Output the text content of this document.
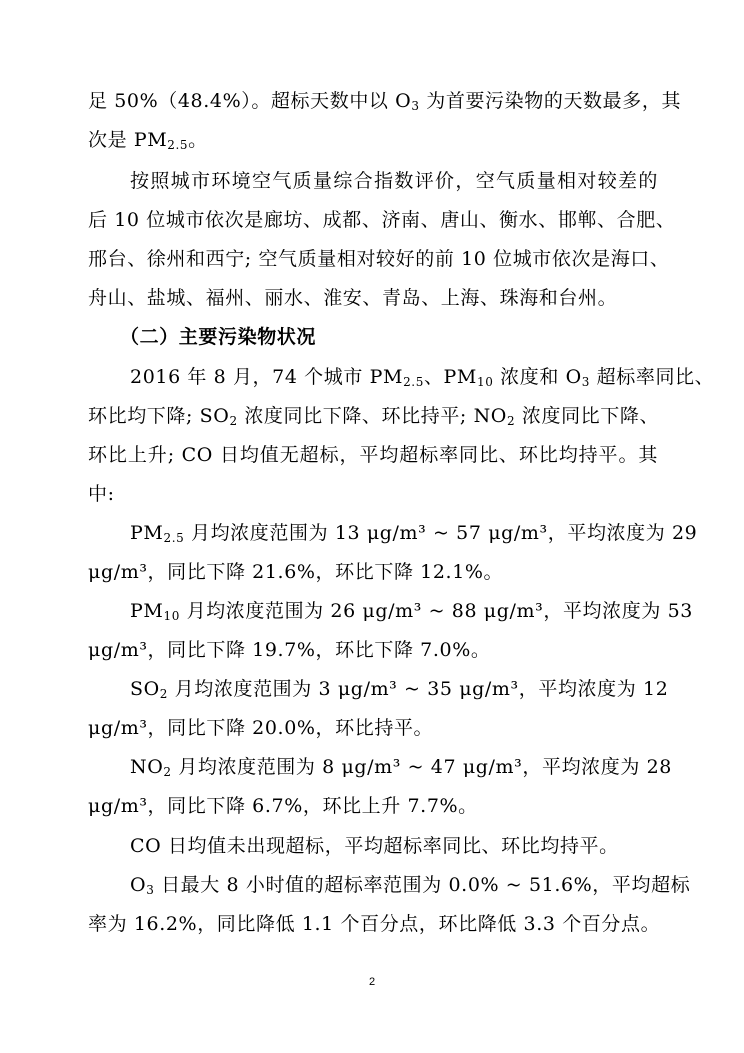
足 50%（48.4%）。超标天数中以 $O_3$ 为首要污染物的天数最多，其
次是 $PM_{2.5}$。
按照城市环境空气质量综合指数评价，空气质量相对较差的
后 10 位城市依次是廊坊、成都、济南、唐山、衡水、邯郸、合肥、
邢台、徐州和西宁; 空气质量相对较好的前 10 位城市依次是海口、
舟山、盐城、福州、丽水、淮安、青岛、上海、珠海和台州。
（二）主要污染物状况
2016 年 8 月，74 个城市 $PM_{2.5}$、$PM_{10}$ 浓度和 $O_3$ 超标率同比、
环比均下降; $SO_2$ 浓度同比下降、环比持平; $NO_2$ 浓度同比下降、
环比上升; CO 日均值无超标，平均超标率同比、环比均持平。其
中:
$PM_{2.5}$ 月均浓度范围为 13 μg/m³ ~ 57 μg/m³，平均浓度为 29
μg/m³，同比下降 21.6%，环比下降 12.1%。
$PM_{10}$ 月均浓度范围为 26 μg/m³ ~ 88 μg/m³，平均浓度为 53
μg/m³，同比下降 19.7%，环比下降 7.0%。
$SO_2$ 月均浓度范围为 3 μg/m³ ~ 35 μg/m³，平均浓度为 12
μg/m³，同比下降 20.0%，环比持平。
$NO_2$ 月均浓度范围为 8 μg/m³ ~ 47 μg/m³，平均浓度为 28
μg/m³，同比下降 6.7%，环比上升 7.7%。
CO 日均值未出现超标，平均超标率同比、环比均持平。
$O_3$ 日最大 8 小时值的超标率范围为 0.0% ~ 51.6%，平均超标
率为 16.2%，同比降低 1.1 个百分点，环比降低 3.3 个百分点。
2
